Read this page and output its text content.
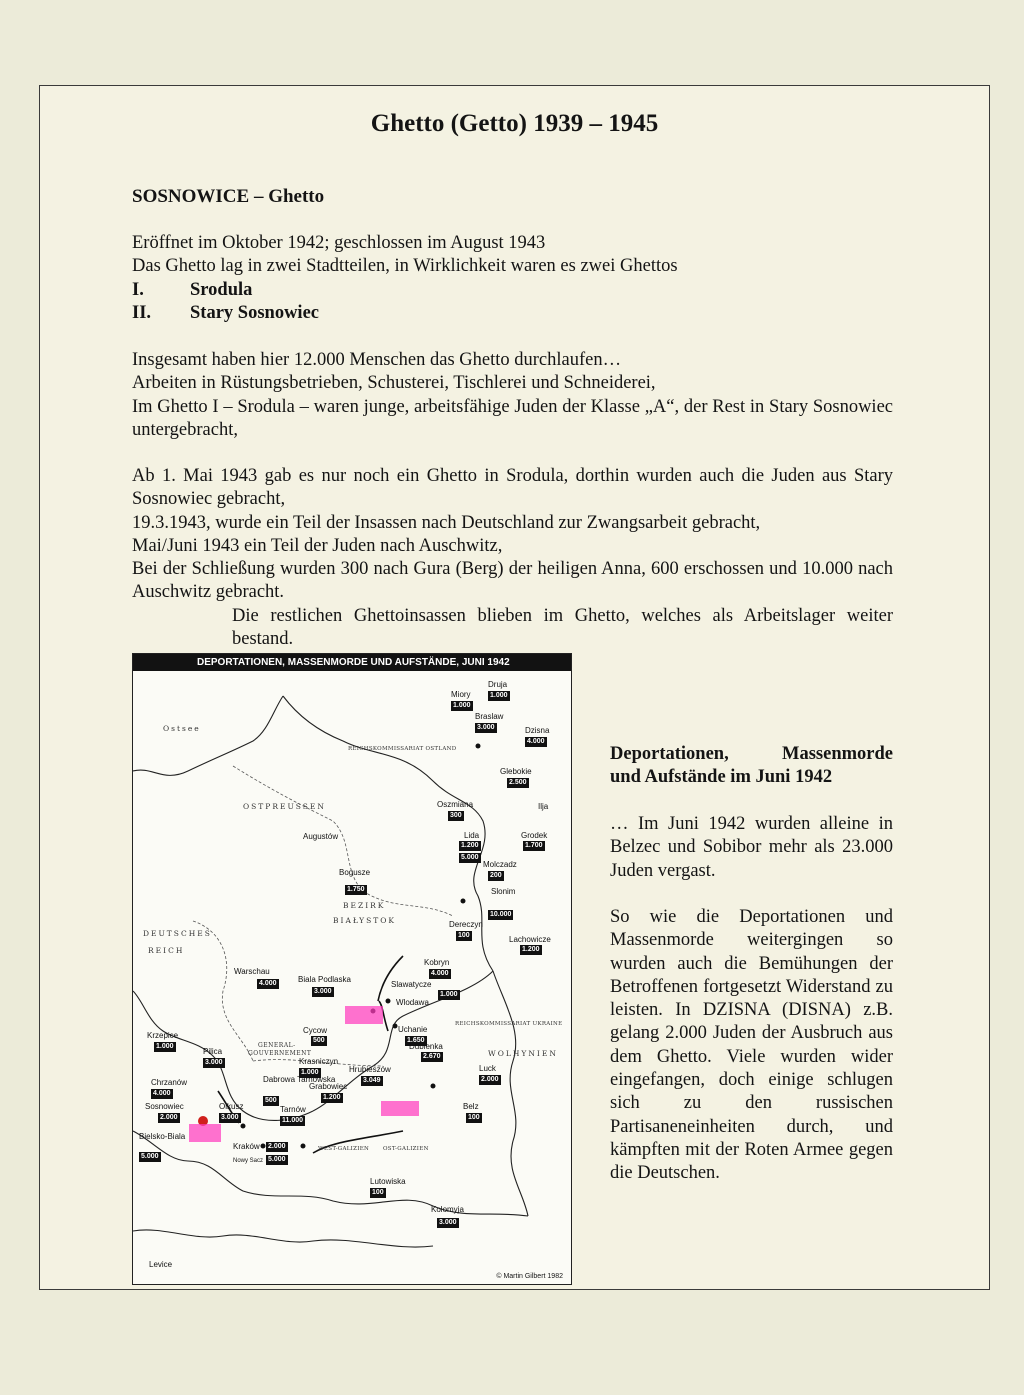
Ghetto (Getto) 1939 – 1945
SOSNOWICE – Ghetto

Eröffnet im Oktober 1942; geschlossen im August 1943

Das Ghetto lag in zwei Stadtteilen, in Wirklichkeit waren es zwei Ghettos

I.	Srodula
II.	Stary Sosnowiec

Insgesamt haben hier 12.000 Menschen das Ghetto durchlaufen…

Arbeiten in Rüstungsbetrieben, Schusterei, Tischlerei und Schneiderei,

Im Ghetto I – Srodula – waren junge, arbeitsfähige Juden der Klasse „A“, der Rest in Stary Sosnowiec untergebracht,

Ab 1. Mai 1943 gab es nur noch ein Ghetto in Srodula, dorthin wurden auch die Juden aus Stary Sosnowiec gebracht,

19.3.1943, wurde ein Teil der Insassen nach Deutschland zur Zwangsarbeit gebracht,

Mai/Juni 1943 ein Teil der Juden nach Auschwitz,

Bei der Schließung wurden 300 nach Gura (Berg) der heiligen Anna, 600 erschossen und 10.000 nach Auschwitz gebracht.

Die restlichen Ghettoinsassen blieben im Ghetto, welches als Arbeitslager weiter bestand.

DEPORTATIONEN, MASSENMORDE UND AUFSTÄNDE, JUNI 1942
Ostsee
OSTPREUSSEN
BEZIRK
BIAŁYSTOK
DEUTSCHES
REICH
GENERAL-
GOUVERNEMENT	WOLHYNIEN
REICHSKOMMISSARIAT OSTLAND
REICHSKOMMISSARIAT UKRAINE
WEST-GALIZIEN	OST-GALIZIEN
Druja
1.000
Miory
1.000
Braslaw
3.000	Dzisna
4.000
Glebokie
2.500
Ilja
Oszmiana
300
Grodek
1.700
Lida
1.200
5.000
Molczadz
200
Slonim
10.000
Augustów
Bogusze
1.750
Dereczyn
100	Lachowicze
1.200
Kobryn
4.000
Warschau
4.000	Biala Podlaska
3.000
Slawatycze
1.000
Wlodawa
Cycow
500
Uchanie
1.650
Dubienka
2.670
Krzepice
1.000
Pilica
3.000	Krasniczyn
1.000
Chrzanów
4.000
Dabrowa Tarnowska
500
Grabowiec
1.200
Hrubieszów
3.049
Luck
2.000
Sosnowiec
2.000
Olkusz
3.000
Tarnów
11.000
Belz
100
Bielsko-Biala
5.000
Kraków 2.000
Nowy Sacz 5.000
Lutowiska
100
Kolomyja
3.000
Levice
© Martin Gilbert 1982
Deportationen, Massenmorde
und Aufstände im Juni 1942

… Im Juni 1942 wurden alleine in Belzec und Sobibor mehr als 23.000 Juden vergast.

So wie die Deportationen und Massenmorde weitergingen so wurden auch die Bemühungen der Betroffenen fortgesetzt Widerstand zu leisten. In DZISNA (DISNA) z.B. gelang 2.000 Juden der Ausbruch aus dem Ghetto. Viele wurden wider eingefangen, doch einige schlugen sich zu den russischen Partisaneneinheiten durch, und kämpften mit der Roten Armee gegen die Deutschen.
